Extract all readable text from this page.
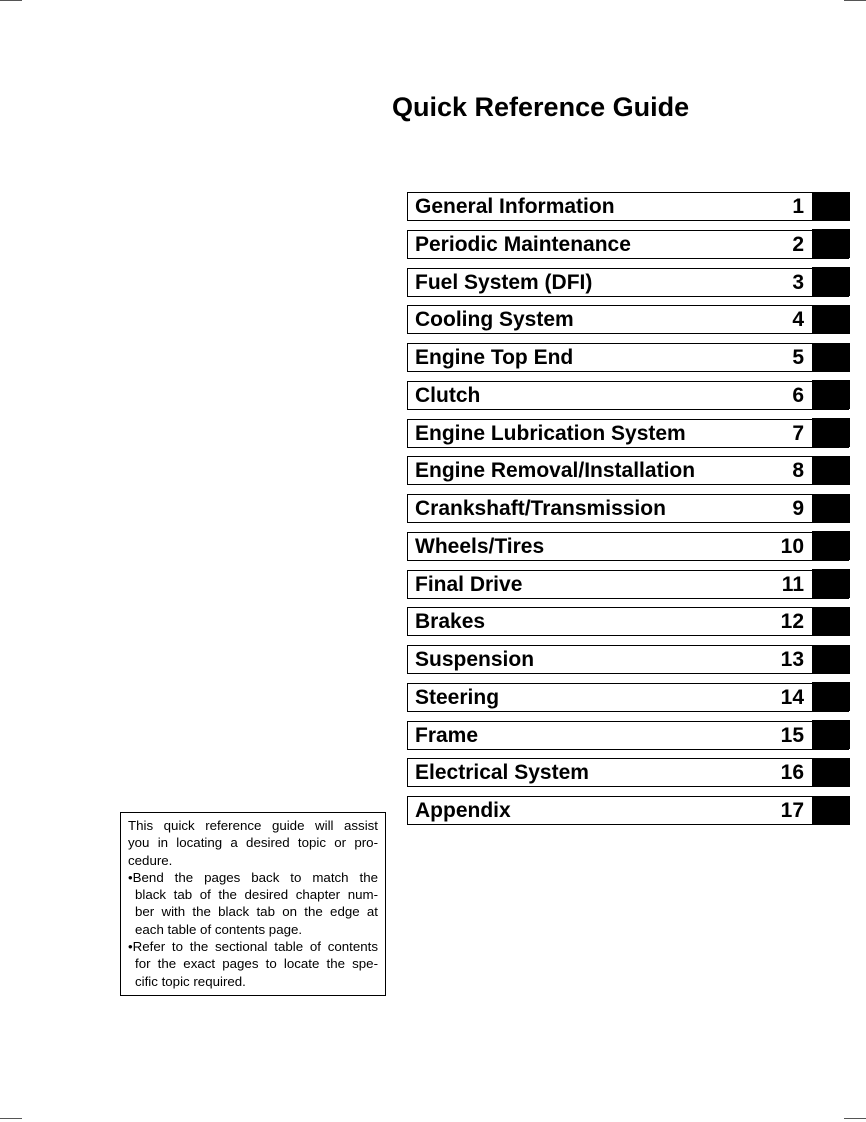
Quick Reference Guide
General Information	1
Periodic Maintenance	2
Fuel System (DFI)	3
Cooling System	4
Engine Top End	5
Clutch	6
Engine Lubrication System	7
Engine Removal/Installation	8
Crankshaft/Transmission	9
Wheels/Tires	10
Final Drive	11
Brakes	12
Suspension	13
Steering	14
Frame	15
Electrical System	16
Appendix	17
This quick reference guide will assist
you in locating a desired topic or pro-
cedure.
•Bend the pages back to match the
black tab of the desired chapter num-
ber with the black tab on the edge at
each table of contents page.
•Refer to the sectional table of contents
for the exact pages to locate the spe-
cific topic required.
